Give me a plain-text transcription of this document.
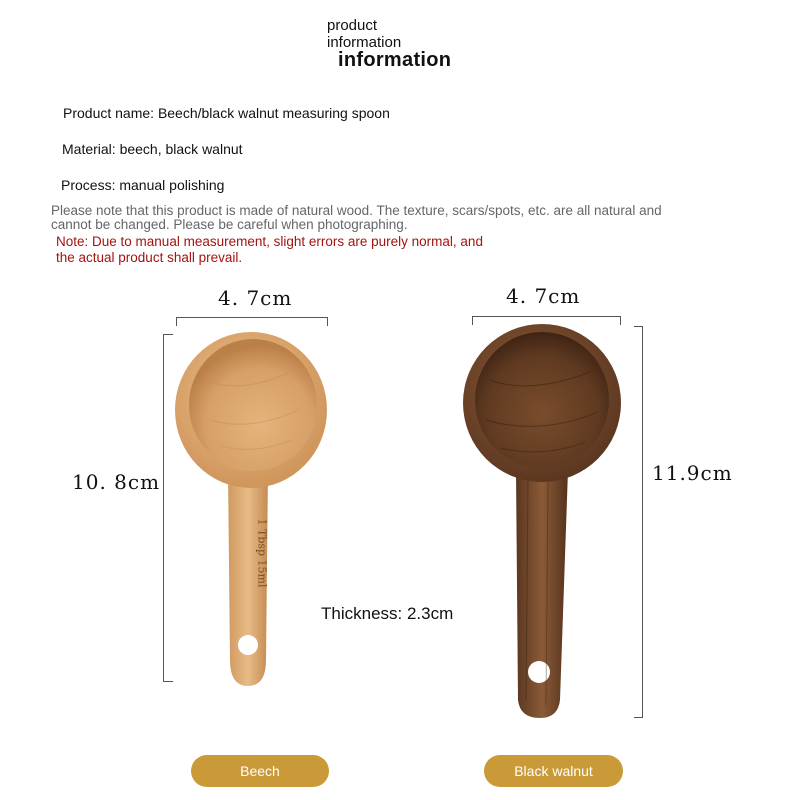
product
information
information
Product name: Beech/black walnut measuring spoon
Material: beech, black walnut
Process: manual polishing
Please note that this product is made of natural wood. The texture, scars/spots, etc. are all natural and
cannot be changed. Please be careful when photographing.
Note: Due to manual measurement, slight errors are purely normal, and
the actual product shall prevail.
4. 7cm
10. 8cm
4. 7cm
11.9cm
1 Tbsp 15ml
Thickness: 2.3cm
Beech	Black walnut
